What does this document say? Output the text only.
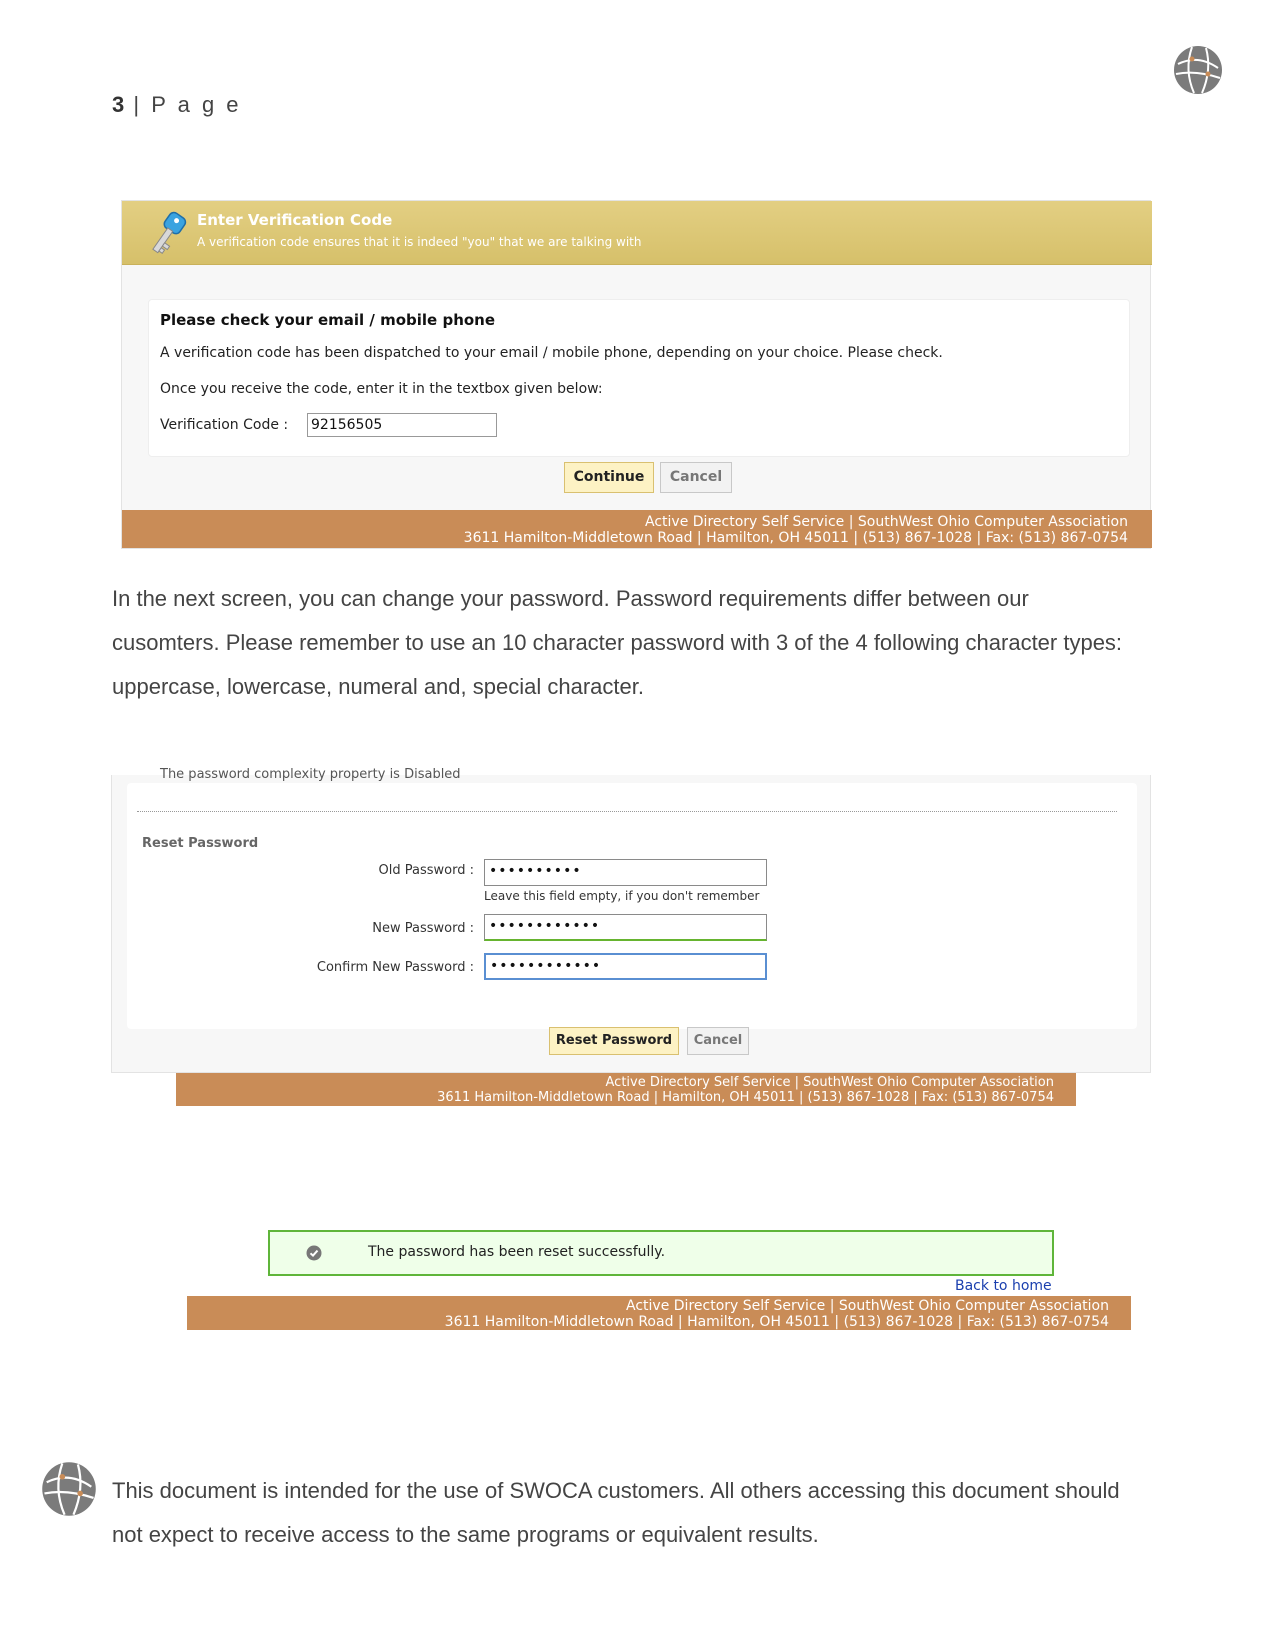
3 | P a g e
Enter Verification Code
A verification code ensures that it is indeed "you" that we are talking with
Please check your email / mobile phone
A verification code has been dispatched to your email / mobile phone, depending on your choice. Please check.
Once you receive the code, enter it in the textbox given below:
Verification Code : 92156505
Continue	Cancel
Active Directory Self Service | SouthWest Ohio Computer Association
3611 Hamilton-Middletown Road | Hamilton, OH 45011 | (513) 867-1028 | Fax: (513) 867-0754
In the next screen, you can change your password. Password requirements differ between our cusomters. Please remember to use an 10 character password with 3 of the 4 following character types: uppercase, lowercase, numeral and, special character.
The password complexity property is Disabled
Reset Password
Old Password :	••••••••••
Leave this field empty, if you don't remember
New Password :	••••••••••••
Confirm New Password :	••••••••••••
Reset Password	Cancel
Active Directory Self Service | SouthWest Ohio Computer Association
3611 Hamilton-Middletown Road | Hamilton, OH 45011 | (513) 867-1028 | Fax: (513) 867-0754
The password has been reset successfully.
Back to home
Active Directory Self Service | SouthWest Ohio Computer Association
3611 Hamilton-Middletown Road | Hamilton, OH 45011 | (513) 867-1028 | Fax: (513) 867-0754
This document is intended for the use of SWOCA customers. All others accessing this document should not expect to receive access to the same programs or equivalent results.
